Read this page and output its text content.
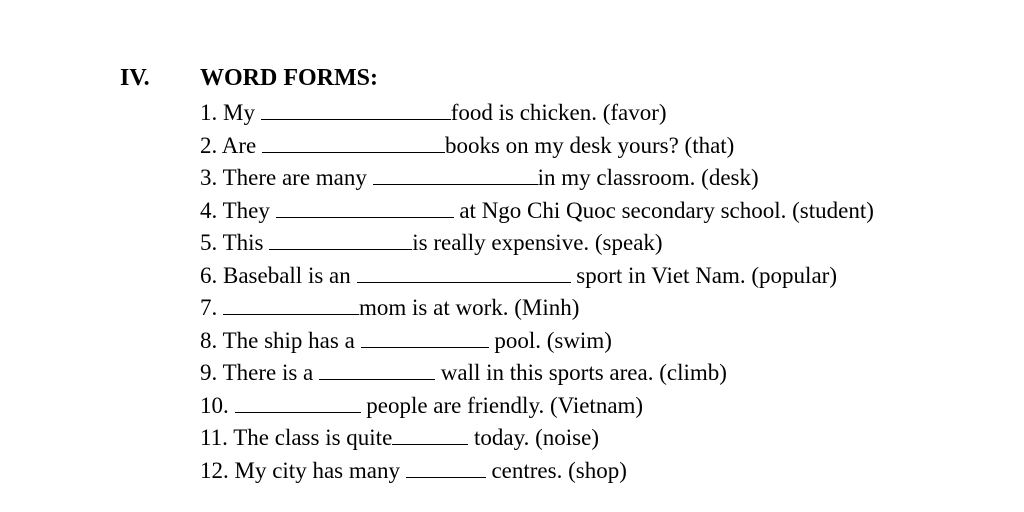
IV. WORD FORMS:
1. My	food is chicken. (favor)
2. Are	books on my desk yours? (that)
3. There are many	in my classroom. (desk)
4. They	at Ngo Chi Quoc secondary school. (student)
5. This	is really expensive. (speak)
6. Baseball is an	sport in Viet Nam. (popular)
7.	mom is at work. (Minh)
8. The ship has a	pool. (swim)
9. There is a	wall in this sports area. (climb)
10.	people are friendly. (Vietnam)
11. The class is quite	today. (noise)
12. My city has many	centres. (shop)
